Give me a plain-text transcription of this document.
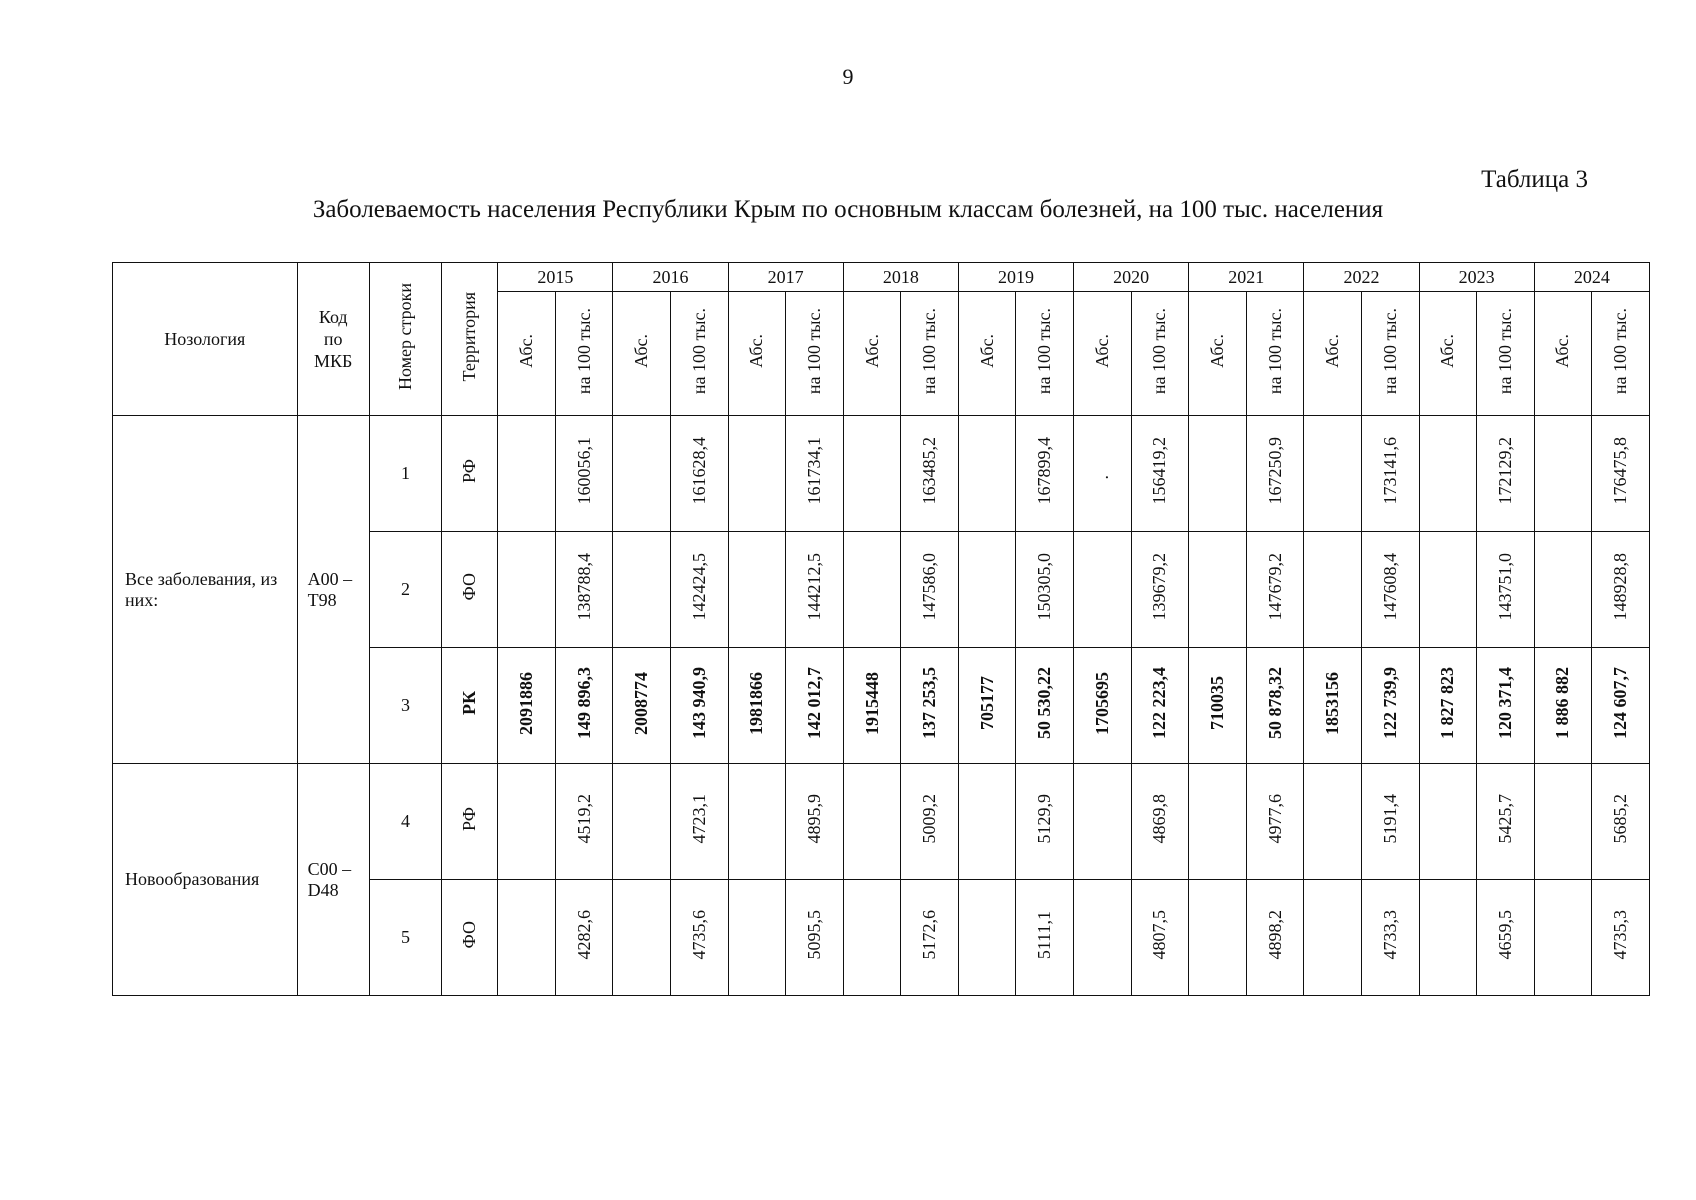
9
Таблица 3
Заболеваемость населения Республики Крым по основным классам болезней, на 100 тыс. населения
Нозология	Код по МКБ	Номер строки	Территория	2015		2016		2017		2018		2019		2020		2021		2022		2023		2024	
				Абс.	на 100 тыс.	Абс.	на 100 тыс.	Абс.	на 100 тыс.	Абс.	на 100 тыс.	Абс.	на 100 тыс.	Абс.	на 100 тыс.	Абс.	на 100 тыс.	Абс.	на 100 тыс.	Абс.	на 100 тыс.	Абс.	на 100 тыс.
Все заболевания, из них:	А00 – Т98	1	РФ		160056,1		161628,4		161734,1		163485,2		167899,4	.	156419,2		167250,9		173141,6		172129,2		176475,8
		2	ФО		138788,4		142424,5		144212,5		147586,0		150305,0		139679,2		147679,2		147608,4		143751,0		148928,8
		3	РК	2091886	149 896,3	2008774	143 940,9	1981866	142 012,7	1915448	137 253,5	705177	50 530,22	1705695	122 223,4	710035	50 878,32	1853156	122 739,9	1 827 823	120 371,4	1 886 882	124 607,7
Новообразования	С00 – D48	4	РФ		4519,2		4723,1		4895,9		5009,2		5129,9		4869,8		4977,6		5191,4		5425,7		5685,2
		5	ФО		4282,6		4735,6		5095,5		5172,6		5111,1		4807,5		4898,2		4733,3		4659,5		4735,3
